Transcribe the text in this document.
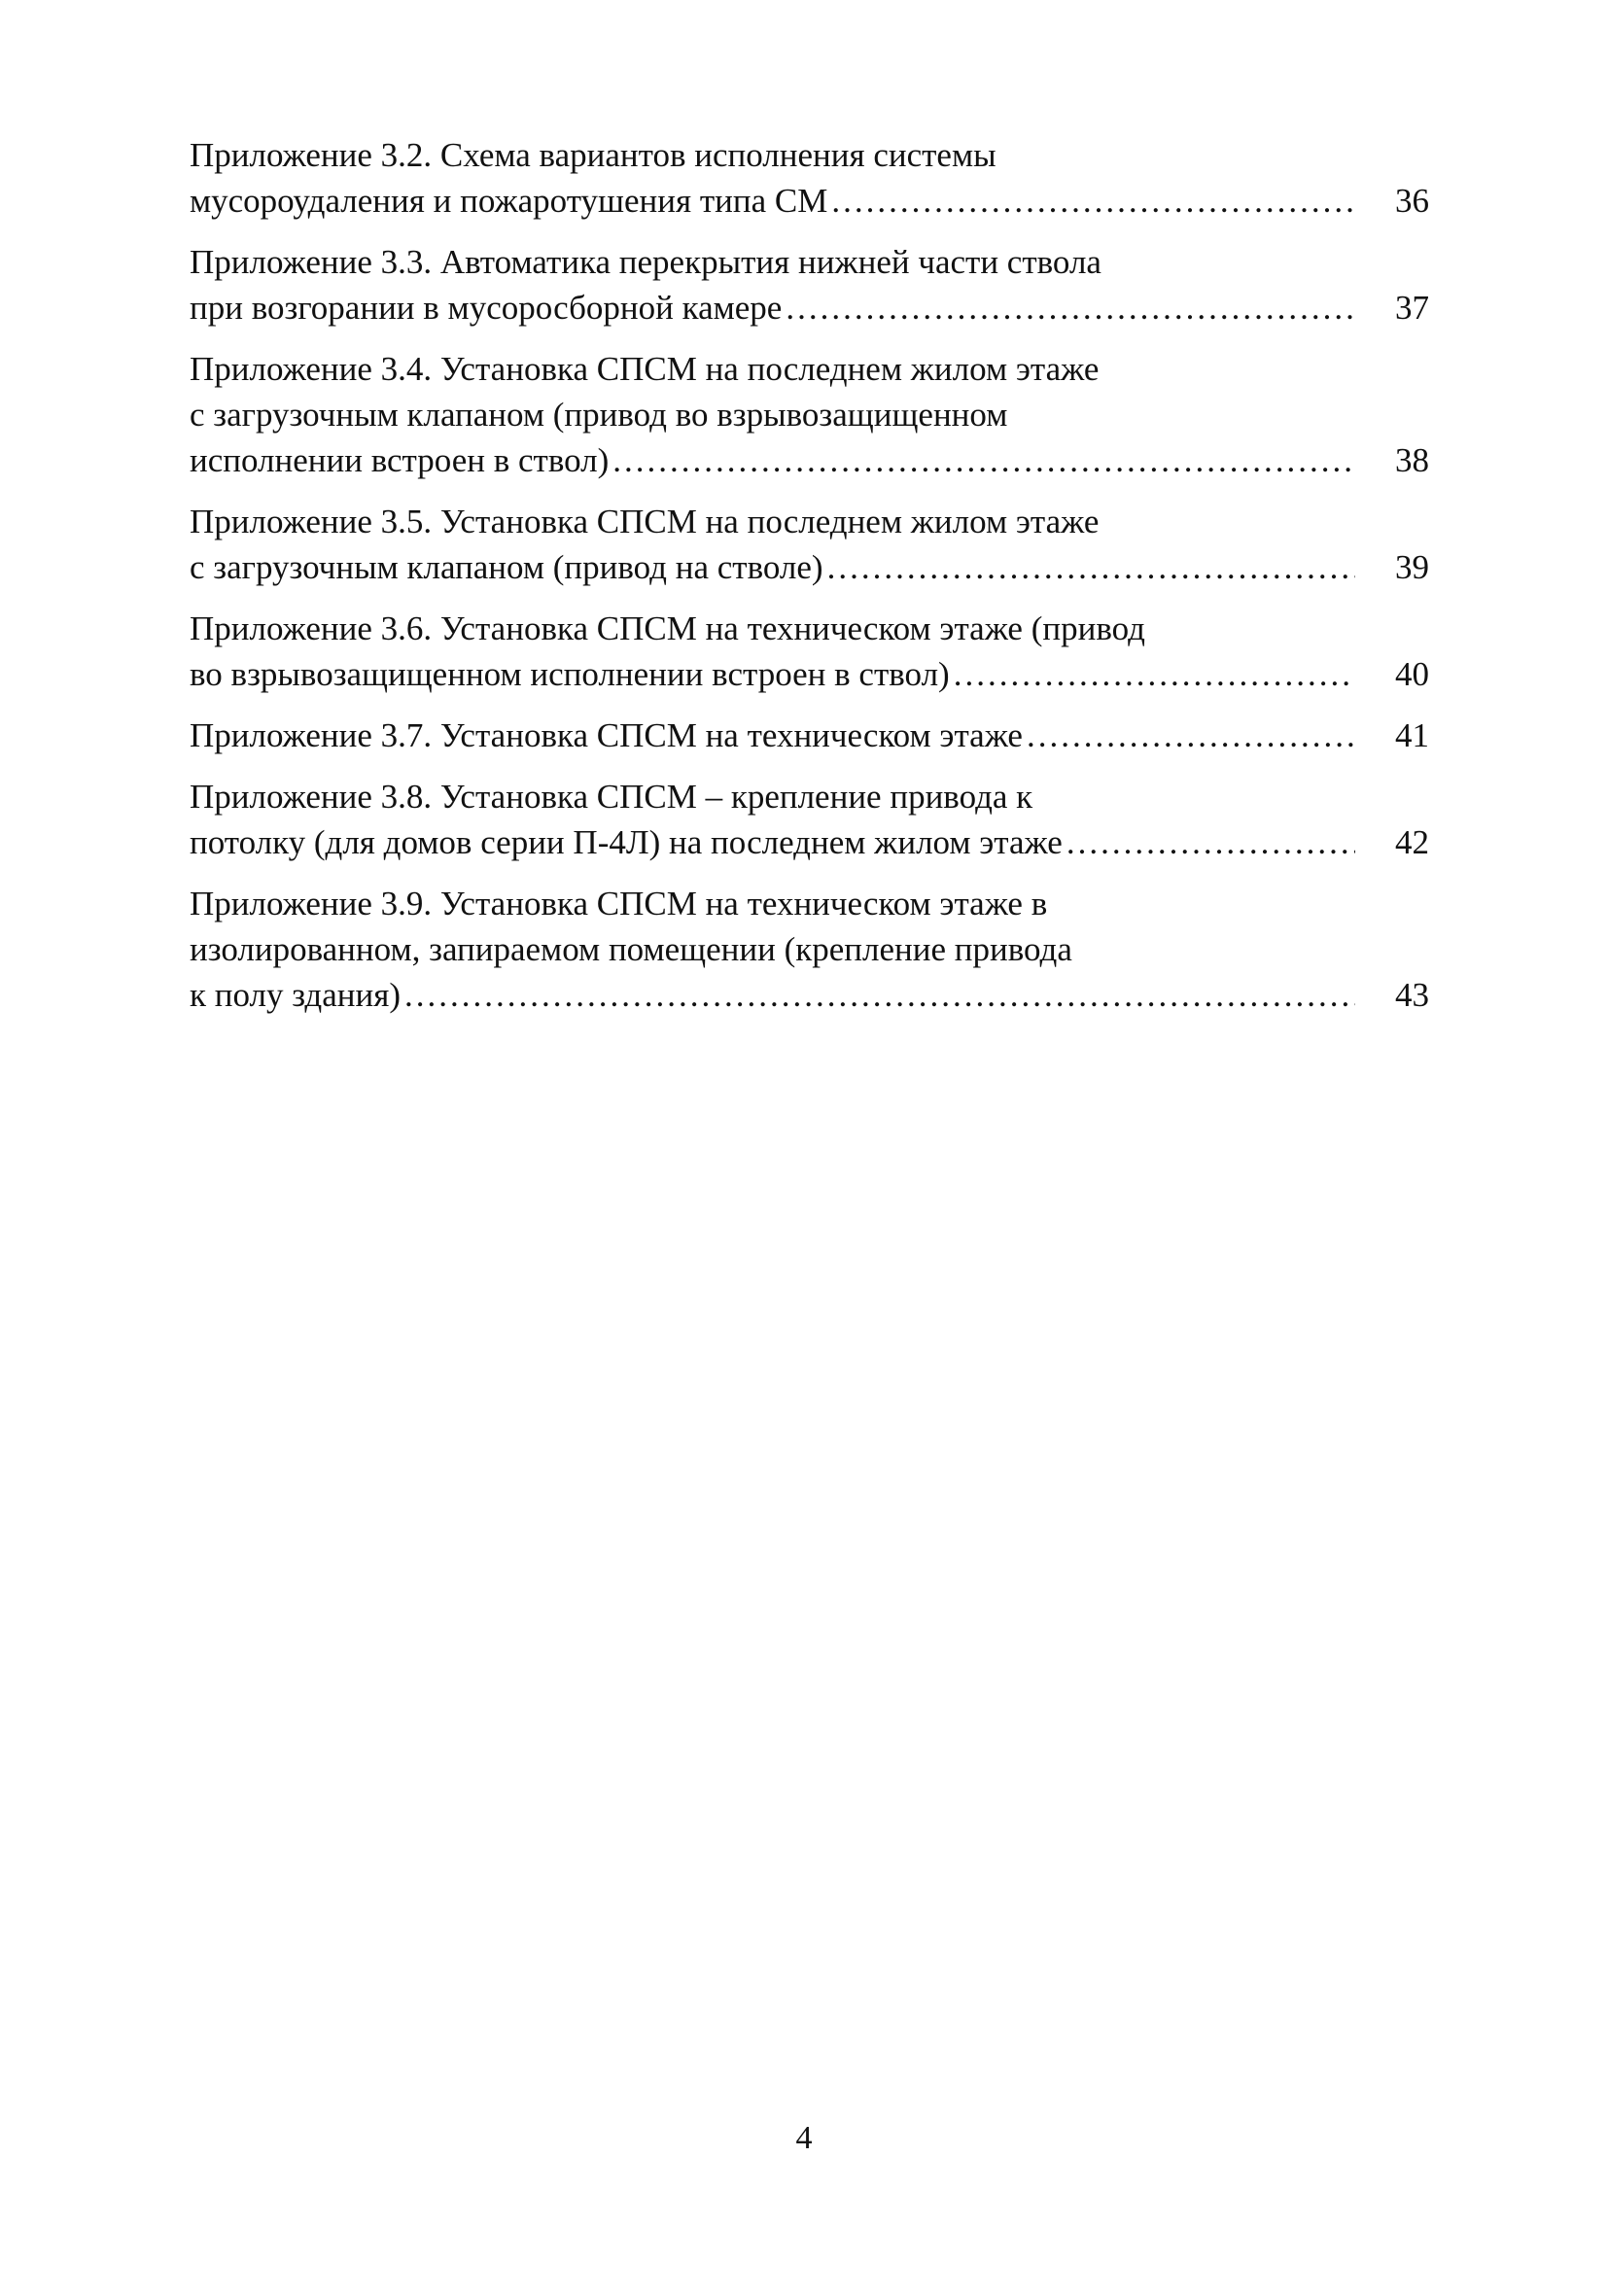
Приложение 3.2. Схема вариантов исполнения системы
мусороудаления и пожаротушения типа СМ .....	36
Приложение 3.3. Автоматика перекрытия нижней части ствола
при возгорании в мусоросборной камере .....	37
Приложение 3.4. Установка СПСМ на последнем жилом этаже
с загрузочным клапаном (привод во взрывозащищенном
исполнении встроен в ствол) .....	38
Приложение 3.5. Установка СПСМ на последнем жилом этаже
с загрузочным клапаном (привод на стволе) .....	39
Приложение 3.6. Установка СПСМ на техническом этаже (привод
во взрывозащищенном исполнении встроен в ствол) .....	40
Приложение 3.7. Установка СПСМ на техническом этаже .....	41
Приложение 3.8. Установка СПСМ – крепление привода к
потолку (для домов серии П-4Л) на последнем жилом этаже .....	42
Приложение 3.9. Установка СПСМ на техническом этаже в
изолированном, запираемом помещении (крепление привода
к полу здания) .....	43
4
